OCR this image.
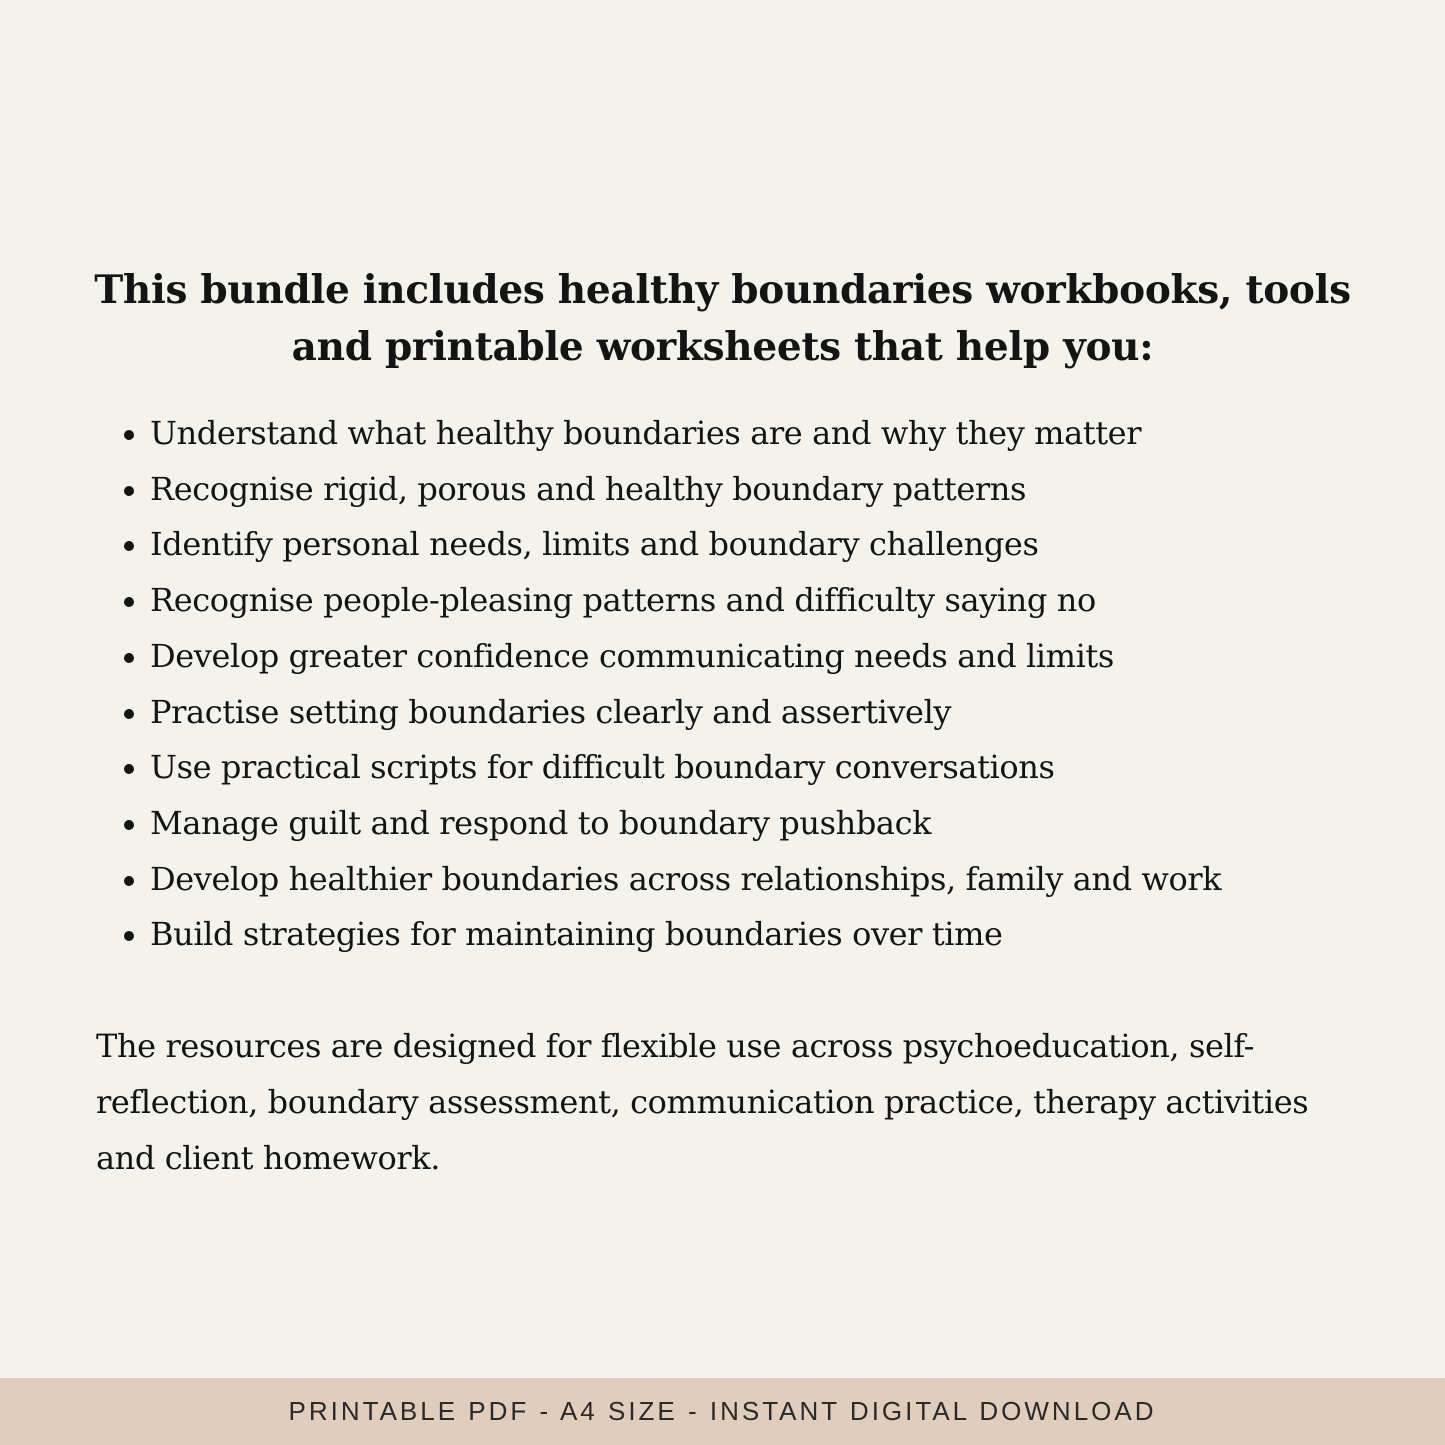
This bundle includes healthy boundaries workbooks, tools
and printable worksheets that help you:
Understand what healthy boundaries are and why they matter
Recognise rigid, porous and healthy boundary patterns
Identify personal needs, limits and boundary challenges
Recognise people-pleasing patterns and difficulty saying no
Develop greater confidence communicating needs and limits
Practise setting boundaries clearly and assertively
Use practical scripts for difficult boundary conversations
Manage guilt and respond to boundary pushback
Develop healthier boundaries across relationships, family and work
Build strategies for maintaining boundaries over time

The resources are designed for flexible use across psychoeducation, self-
reflection, boundary assessment, communication practice, therapy activities
and client homework.

PRINTABLE PDF - A4 SIZE - INSTANT DIGITAL DOWNLOAD
